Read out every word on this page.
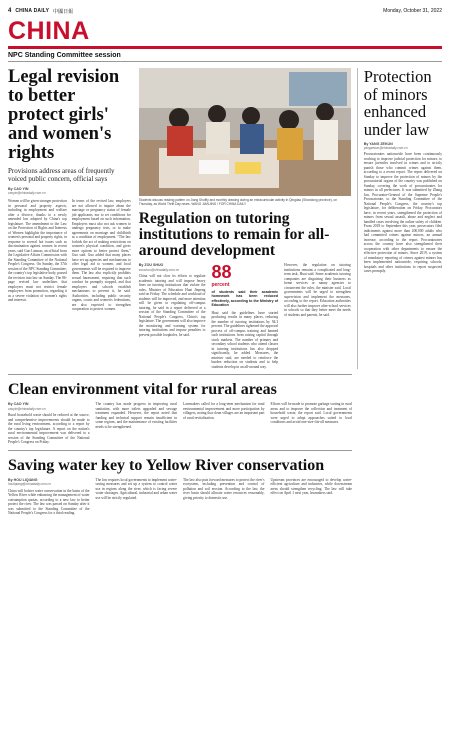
4 CHINA DAILY 中國日報	Monday, October 31, 2022
CHINA
NPC Standing Committee session
Legal revision to better protect girls' and women's rights
Provisions address areas of frequently voiced public concern, official says
By CAO YIN
caoyin@chinadaily.com.cn
Women will be given stronger protection in personal and property aspects, including in employment and welfare after a divorce, thanks to a newly amended law adopted by China's top legislature. The amendment to the Law on the Protection of Rights and Interests of Women highlights the importance of women's personal and property rights, in response to several hot issues such as discrimination against women in recent years, said Guo Linmao, an official from the Legislative Affairs Commission with the Standing Committee of the National People's Congress. On Sunday, the 37th session of the NPC Standing Committee, the country's top legislative body, passed the revision into law on Sunday. The 86-page revised law underlines that employers must not restrict female employees from promotion, regarding it as a severe violation of women's rights and interests.
In terms of the revised law, employers are not allowed to inquire about the marriage or pregnancy status of female job applicants, nor to set conditions for employment based on such information. Employers must also not ask women to undergo pregnancy tests, or to make agreements on marriage and childbirth as a condition of employment. "The law forbids the act of making restrictions on women's physical condition, and gives more options to better protect them," Guo said. Guo added that many places have set up agencies and mechanisms to offer legal aid to women, and local governments will be required to improve them. The law also explicitly prohibits sexual harassment, requiring that such conduct be promptly stopped, and that employers and schools establish mechanisms to prevent it, he said. Authorities, including public security organs, courts and women's federations, are also expected to strengthen cooperation to protect women.
Students discuss reading pattern on Jiang Shuffly and monthly drawing during an extracurricular activity in Qingdao (Shandong province), on Thursday, as World Thrift Day nears. WANG JIANJING / FOR CHINA DAILY
Regulation on tutoring institutions to remain for all-around development
By ZOU SHUO
zoushuo@chinadaily.com.cn
China will not slow its efforts to regulate academic tutoring and will impose heavy fines on tutoring institutions that violate the rules, Minister of Education Huai Jinpeng said on Friday. The schedule and workload of students will be improved, and more attention will be given to regulating off-campus tutoring, he said in a report delivered at a session of the Standing Committee of the National People's Congress, China's top legislature. The government will also improve the monitoring and warning system for tutoring institutions and impose penalties to prevent possible loopholes, he said.
88
percent
of students said their academic homework has been reduced effectively, according to the Ministry of Education
Huai said the guidelines have started producing results in many places, reducing the number of tutoring institutions by 94.3 percent. The guidelines tightened the approval process of off-campus training and banned such institutions from raising capital through stock markets. The number of primary and secondary school students who attend classes in tutoring institutions has also dropped significantly, he added. Measures, the minister said, are needed to reinforce the burden reduction on students and to help students develop in an all-around way.
However, the regulation on tutoring institutions remains a complicated and long-term task, Huai said. Some academic tutoring companies are disguising their business as home services or nanny agencies to circumvent the rules, the minister said. Local governments will be urged to strengthen supervision and implement the measures, according to the report. Education authorities will also further improve after-school services in schools so that they better meet the needs of students and parents, he said.
Protection of minors enhanced under law
By YANG ZEKUN
yangzekun@chinadaily.com.cn
Procuratorates nationwide have been continuously working to improve judicial protection for minors, to ensure juveniles involved in crimes and to strictly punish those who commit crimes against them, according to a recent report. The report delivered on Sunday to improve the protection of minors by the procuratorial organs of the country was published on Sunday, covering the work of procuratorates for minors in all prefectures. It was submitted by Zhang Jun, Procurator-General of the Supreme People's Procuratorate, to the Standing Committee of the National People's Congress, the country's top legislature, for deliberation on Friday. Procurators have, in recent years, strengthened the protection of minors from sexual assault, abuse and neglect and handled cases involving the online safety of children. From 2018 to September this year, prosecutors filed indictments against more than 200,000 adults who had committed crimes against minors, an annual increase, according to the report. Procuratorates across the country have also strengthened their cooperation with other departments to ensure the effective protection of minors. Since 2019, a system of mandatory reporting of crimes against minors has been implemented nationwide, requiring schools, hospitals and other institutions to report suspected cases promptly.
Clean environment vital for rural areas
By CAO YIN
caoyin@chinadaily.com.cn
Rural household waste should be reduced at the source, and comprehensive improvements should be made to the rural living environment, according to a report by the country's top legislature. A report on the nation's rural environmental improvement was delivered to a session of the Standing Committee of the National People's Congress on Friday.
The country has made progress in improving rural sanitation, with more toilets upgraded and sewage treatment expanded. However, the report noted that funding and technical support remain insufficient in some regions, and the maintenance of existing facilities needs to be strengthened.
Lawmakers called for a long-term mechanism for rural environmental improvement and more participation by villagers, noting that clean villages are an important part of rural revitalization.
Efforts will be made to promote garbage sorting in rural areas and to improve the collection and treatment of household waste, the report said. Local governments were urged to adopt approaches suited to local conditions and avoid one-size-fits-all measures.
Saving water key to Yellow River conservation
By HOU LIQIANG
houliqiang@chinadaily.com.cn
China will bolster water conservation in the basin of the Yellow River while enhancing the management of water consumption quotas, according to a new law to better protect the river. The law was passed on Sunday after it was submitted to the Standing Committee of the National People's Congress for a third reading.
The law requires local governments to implement water-saving measures and set up a system to control water use in regions along the river, which is facing severe water shortages. Agricultural, industrial and urban water use will be strictly regulated.
The law also puts forward measures to protect the river's ecosystem, including prevention and control of pollution and soil erosion. According to the law, the river basin should allocate water resources reasonably, giving priority to domestic use.
Upstream provinces are encouraged to develop water-efficient agriculture and industries, while downstream areas should strengthen recycling. The law will take effect on April 1 next year, lawmakers said.
